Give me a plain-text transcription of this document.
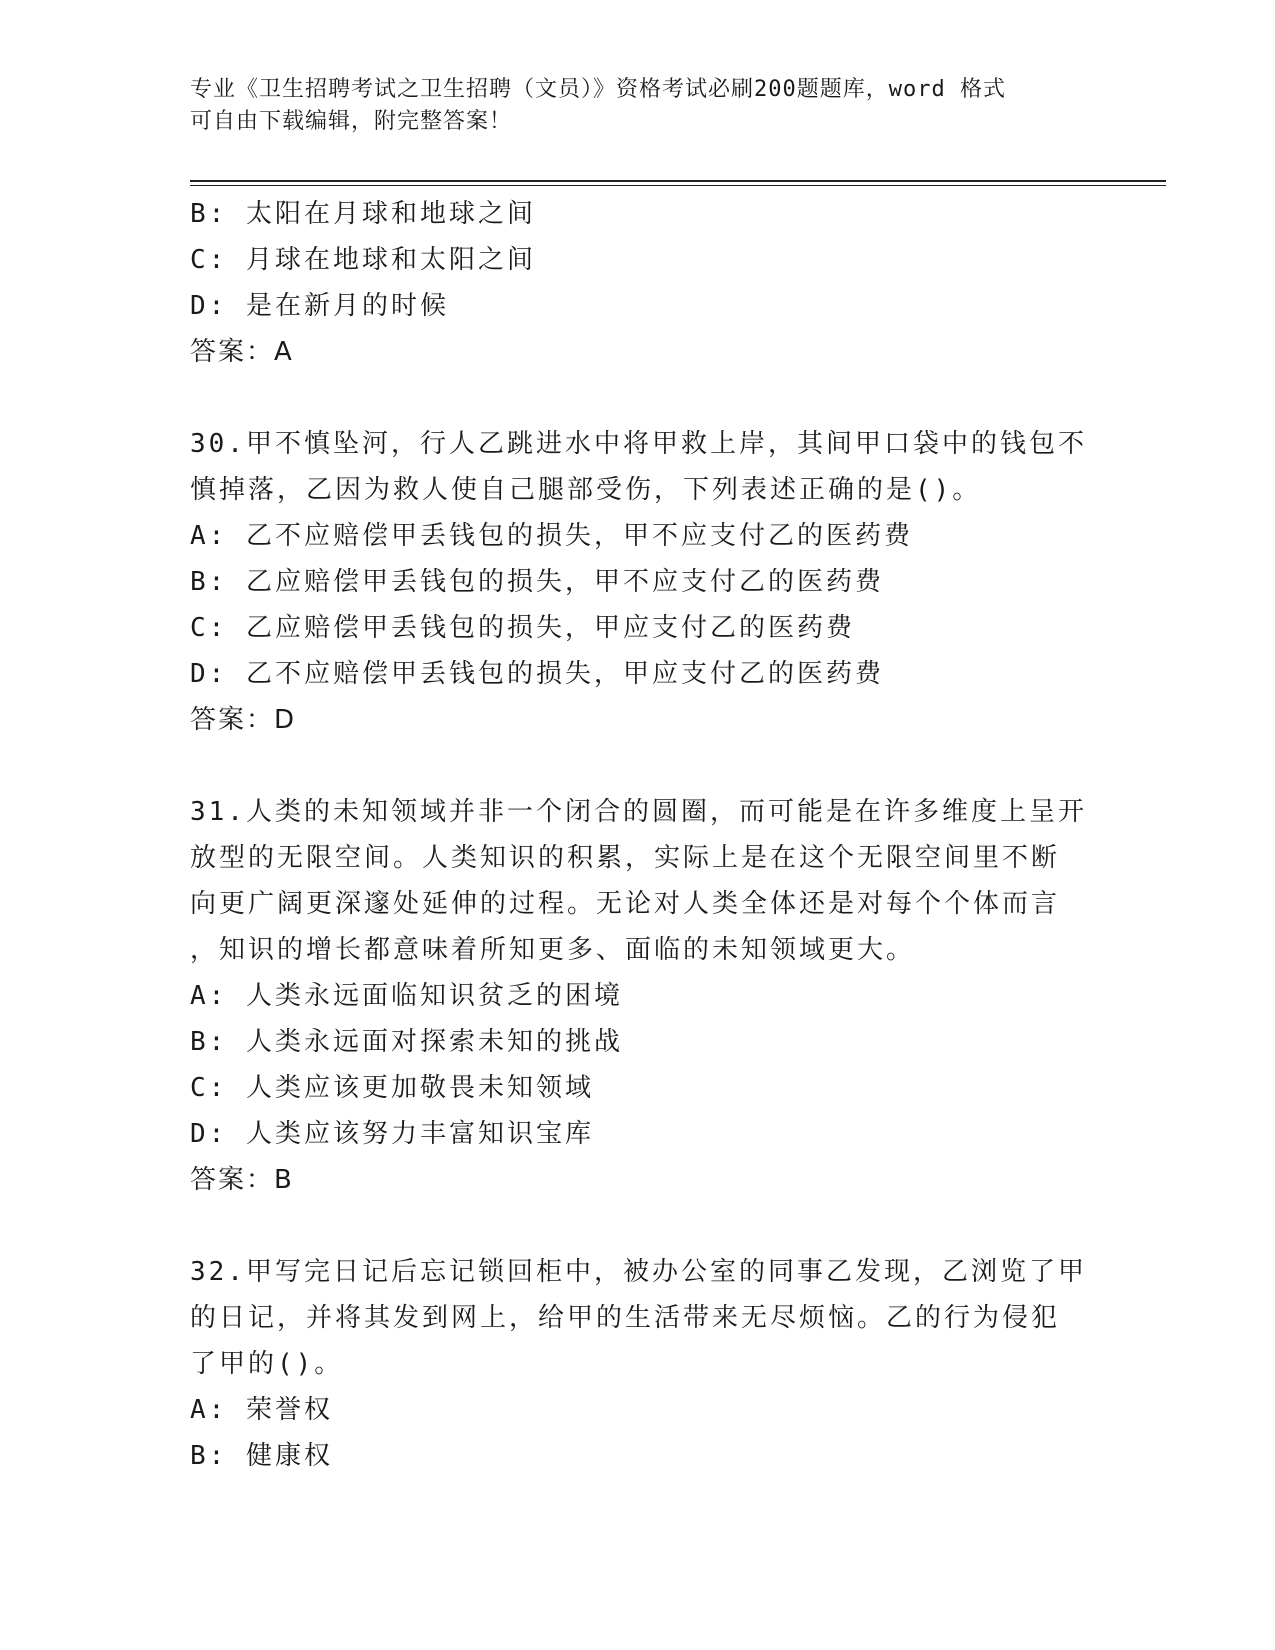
专业《卫生招聘考试之卫生招聘（文员）》资格考试必刷200题题库，word 格式
可自由下载编辑，附完整答案！
B: 太阳在月球和地球之间
C: 月球在地球和太阳之间
D: 是在新月的时候
答案：A
30.甲不慎坠河，行人乙跳进水中将甲救上岸，其间甲口袋中的钱包不
慎掉落，乙因为救人使自己腿部受伤，下列表述正确的是()。
A: 乙不应赔偿甲丢钱包的损失，甲不应支付乙的医药费
B: 乙应赔偿甲丢钱包的损失，甲不应支付乙的医药费
C: 乙应赔偿甲丢钱包的损失，甲应支付乙的医药费
D: 乙不应赔偿甲丢钱包的损失，甲应支付乙的医药费
答案：D
31.人类的未知领域并非一个闭合的圆圈，而可能是在许多维度上呈开
放型的无限空间。人类知识的积累，实际上是在这个无限空间里不断
向更广阔更深邃处延伸的过程。无论对人类全体还是对每个个体而言
，知识的增长都意味着所知更多、面临的未知领域更大。
A: 人类永远面临知识贫乏的困境
B: 人类永远面对探索未知的挑战
C: 人类应该更加敬畏未知领域
D: 人类应该努力丰富知识宝库
答案：B
32.甲写完日记后忘记锁回柜中，被办公室的同事乙发现，乙浏览了甲
的日记，并将其发到网上，给甲的生活带来无尽烦恼。乙的行为侵犯
了甲的()。
A: 荣誉权
B: 健康权
